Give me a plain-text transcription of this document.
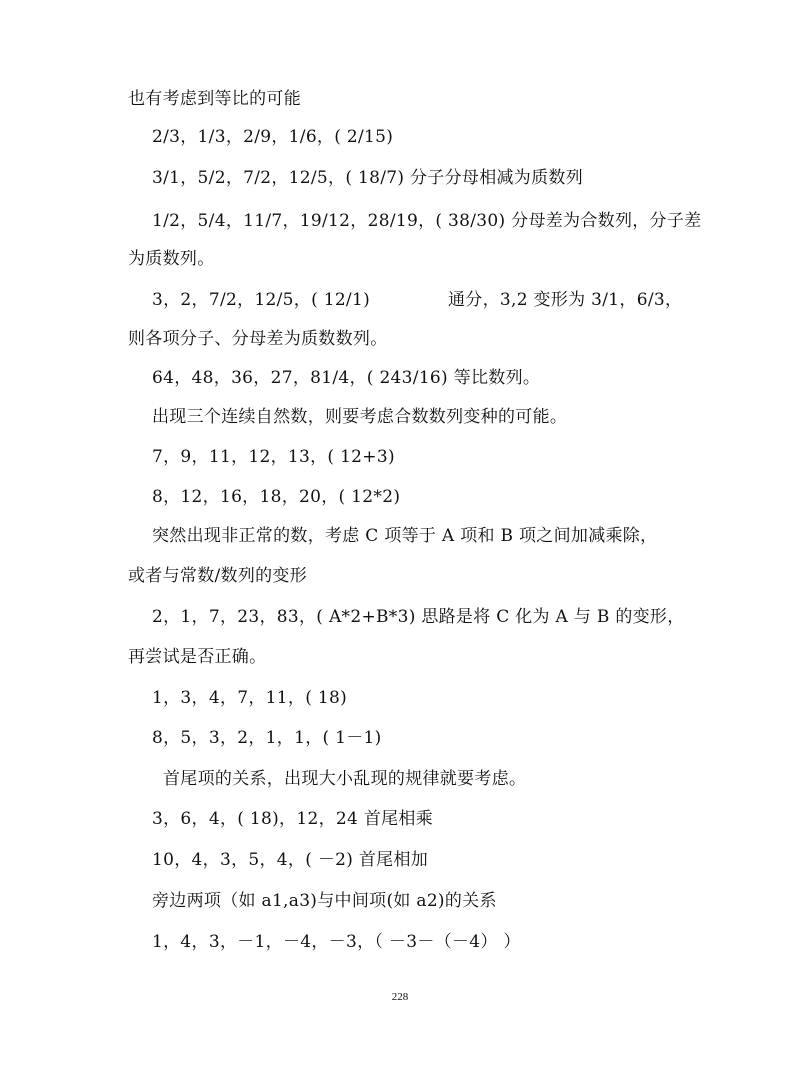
也有考虑到等比的可能
2/3，1/3，2/9，1/6，( 2/15)
3/1，5/2，7/2，12/5，( 18/7) 分子分母相减为质数列
1/2，5/4，11/7，19/12，28/19，( 38/30) 分母差为合数列，分子差
为质数列。
3，2，7/2，12/5，( 12/1)	通分，3,2 变形为 3/1，6/3，
则各项分子、分母差为质数数列。
64，48，36，27，81/4，( 243/16) 等比数列。
出现三个连续自然数，则要考虑合数数列变种的可能。
7，9，11，12，13，( 12+3)
8，12，16，18，20，( 12*2)
突然出现非正常的数，考虑 C 项等于 A 项和 B 项之间加减乘除，
或者与常数/数列的变形
2，1，7，23，83，( A*2+B*3) 思路是将 C 化为 A 与 B 的变形，
再尝试是否正确。
1，3，4，7，11，( 18)
8，5，3，2，1，1，( 1－1)
首尾项的关系，出现大小乱现的规律就要考虑。
3，6，4，( 18)，12，24 首尾相乘
10，4，3，5，4，( －2) 首尾相加
旁边两项（如 a1,a3)与中间项(如 a2)的关系
1，4，3，－1，－4，－3，（ －3－（－4） ）
228
